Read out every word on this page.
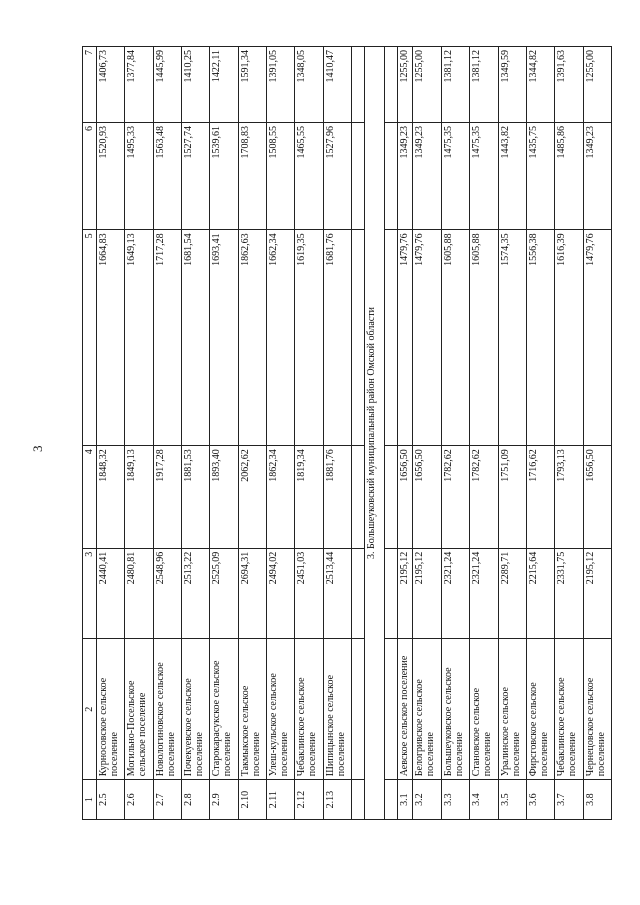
3
1	2	3	4	5	6	7
2.5	Курносовское сельское поселение	2440,41	1848,32	1664,83	1520,93	1406,73
2.6	Могильно-Посельское сельское поселение	2480,81	1849,13	1649,13	1495,33	1377,84
2.7	Новологиновское сельское поселение	2548,96	1917,28	1717,28	1563,48	1445,99
2.8	Почекуевское сельское поселение	2513,22	1881,53	1681,54	1527,74	1410,25
2.9	Старокарасукское сельское поселение	2525,09	1893,40	1693,41	1539,61	1422,11
2.10	Такмыкское сельское поселение	2694,31	2062,62	1862,63	1708,83	1591,34
2.11	Улеш-кульское сельское поселение	2494,02	1862,34	1662,34	1508,55	1391,05
2.12	Чебаклинское сельское поселение	2451,03	1819,34	1619,35	1465,55	1348,05
2.13	Шипицынское сельское поселение	2513,44	1881,76	1681,76	1527,96	1410,47

3. Большеуковский муниципальный район Омской области						

3.1	Аевское сельское поселение	2195,12	1656,50	1479,76	1349,23	1255,00
3.2	Белогривское сельское поселение	2195,12	1656,50	1479,76	1349,23	1255,00
3.3	Большеуковское сельское поселение	2321,24	1782,62	1605,88	1475,35	1381,12
3.4	Становское сельское поселение	2321,24	1782,62	1605,88	1475,35	1381,12
3.5	Уралинское сельское поселение	2289,71	1751,09	1574,35	1443,82	1349,59
3.6	Фирсговское сельское поселение	2215,64	1716,62	1556,38	1435,75	1344,82
3.7	Чебаклинское сельское поселение	2331,75	1793,13	1616,39	1485,86	1391,63
3.8	Чернецовское сельское поселение	2195,12	1656,50	1479,76	1349,23	1255,00
